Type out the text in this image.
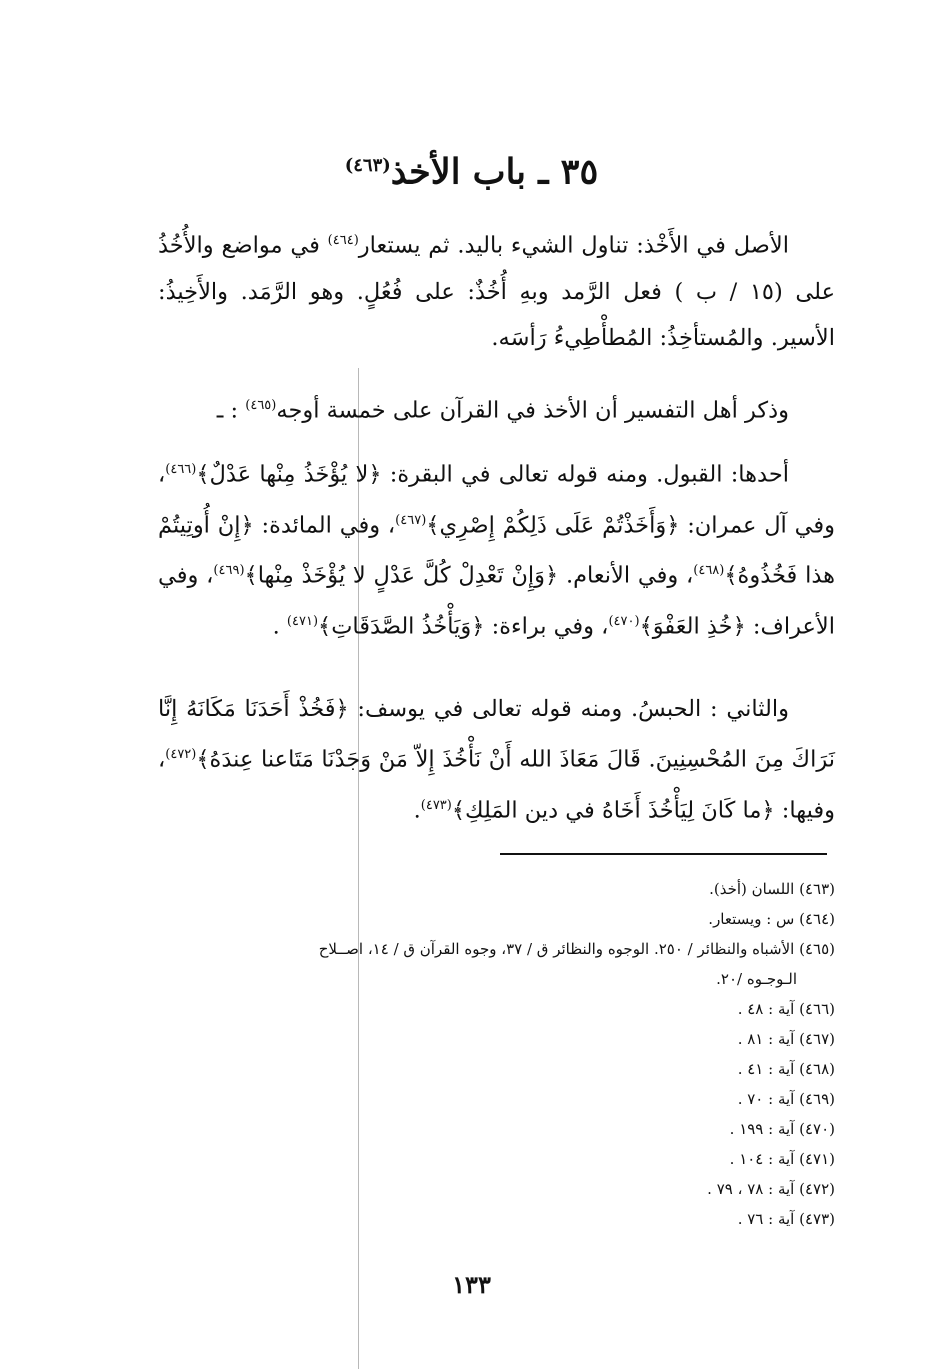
٣٥ ـ باب الأخذ$^{(٤٦٣)}$

الأصل في الأَخْذ: تناول الشيء باليد. ثم يستعار$^{(٤٦٤)}$ في مواضع والأُخُذُ على (١٥ / ب ) فعل الرَّمد وبهِ أُخُذٌ: على فُعُلٍ. وهو الرَّمَد. والأَخِيذُ: الأسير. والمُستأخِذُ: المُطأْطِيءُ رَأسَه.

وذكر أهل التفسير أن الأخذ في القرآن على خمسة أوجه$^{(٤٦٥)}$ : ـ

أحدها: القبول. ومنه قوله تعالى في البقرة: ﴿لا يُؤْخَذُ مِنْها عَدْلٌ﴾$^{(٤٦٦)}$، وفي آل عمران: ﴿وَأَخَذْتُمْ عَلَى ذَلِكُمْ إِصْرِي﴾$^{(٤٦٧)}$، وفي المائدة: ﴿إِنْ أُوتِيتُمْ هذا فَخُذُوهُ﴾$^{(٤٦٨)}$، وفي الأنعام. ﴿وَإِنْ تَعْدِلْ كُلَّ عَدْلٍ لا يُؤْخَذْ مِنْها﴾$^{(٤٦٩)}$، وفي الأعراف: ﴿خُذِ العَفْوَ﴾$^{(٤٧٠)}$، وفي براءة: ﴿وَيَأْخُذُ الصَّدَقَاتِ﴾$^{(٤٧١)}$ .

والثاني : الحبسُ. ومنه قوله تعالى في يوسف: ﴿فَخُذْ أَحَدَنَا مَكَانَهُ إِنَّا نَرَاكَ مِنَ المُحْسِنِينَ. قَالَ مَعَاذَ الله أَنْ نَأْخُذَ إِلاّ مَنْ وَجَدْنَا مَتَاعنا عِندَهُ﴾$^{(٤٧٢)}$، وفيها: ﴿ما كَانَ لِيَأْخُذَ أَخَاهُ في دين المَلِكِ﴾$^{(٤٧٣)}$.

(٤٦٣) اللسان (أخذ).

(٤٦٤) س : ويستعار.

(٤٦٥) الأشباه والنظائر / ٢٥٠. الوجوه والنظائر ق / ٣٧، وجوه القرآن ق / ١٤، اصــلاح

الـوجـوه /٢٠.

(٤٦٦) آية : ٤٨ .

(٤٦٧) آية : ٨١ .

(٤٦٨) آية : ٤١ .

(٤٦٩) آية : ٧٠ .

(٤٧٠) آية : ١٩٩ .

(٤٧١) آية : ١٠٤ .

(٤٧٢) آية : ٧٨ ، ٧٩ .

(٤٧٣) آية : ٧٦ .

١٣٣
